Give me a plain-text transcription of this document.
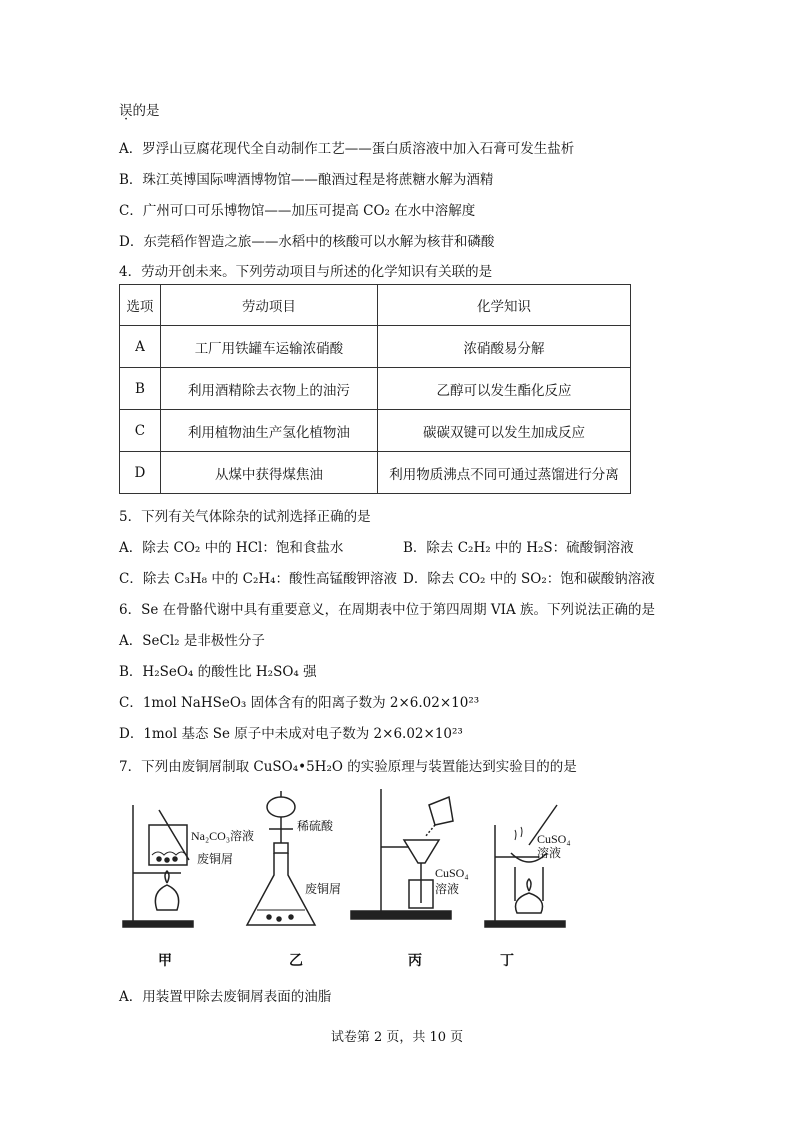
误的是
A．罗浮山豆腐花现代全自动制作工艺——蛋白质溶液中加入石膏可发生盐析
B．珠江英博国际啤酒博物馆——酿酒过程是将蔗糖水解为酒精
C．广州可口可乐博物馆——加压可提高 CO₂ 在水中溶解度
D．东莞稻作智造之旅——水稻中的核酸可以水解为核苷和磷酸
4．劳动开创未来。下列劳动项目与所述的化学知识有关联的是
选项	劳动项目	化学知识
A	工厂用铁罐车运输浓硝酸	浓硝酸易分解
B	利用酒精除去衣物上的油污	乙醇可以发生酯化反应
C	利用植物油生产氢化植物油	碳碳双键可以发生加成反应
D	从煤中获得煤焦油	利用物质沸点不同可通过蒸馏进行分离
5．下列有关气体除杂的试剂选择正确的是
A．除去 CO₂ 中的 HCl：饱和食盐水	B．除去 C₂H₂ 中的 H₂S：硫酸铜溶液
C．除去 C₃H₈ 中的 C₂H₄：酸性高锰酸钾溶液 D．除去 CO₂ 中的 SO₂：饱和碳酸钠溶液
6．Se 在骨骼代谢中具有重要意义，在周期表中位于第四周期 VIA 族。下列说法正确的是
A．SeCl₂ 是非极性分子
B．H₂SeO₄ 的酸性比 H₂SO₄ 强
C．1mol NaHSeO₃ 固体含有的阳离子数为 2×6.02×10²³
D．1mol 基态 Se 原子中未成对电子数为 2×6.02×10²³
7．下列由废铜屑制取 CuSO₄•5H₂O 的实验原理与装置能达到实验目的的是
Na₂CO₃溶液
废铜屑
稀硫酸
废铜屑
CuSO₄
溶液
CuSO₄
溶液
甲	乙	丙	丁
A．用装置甲除去废铜屑表面的油脂
试卷第 2 页，共 10 页
